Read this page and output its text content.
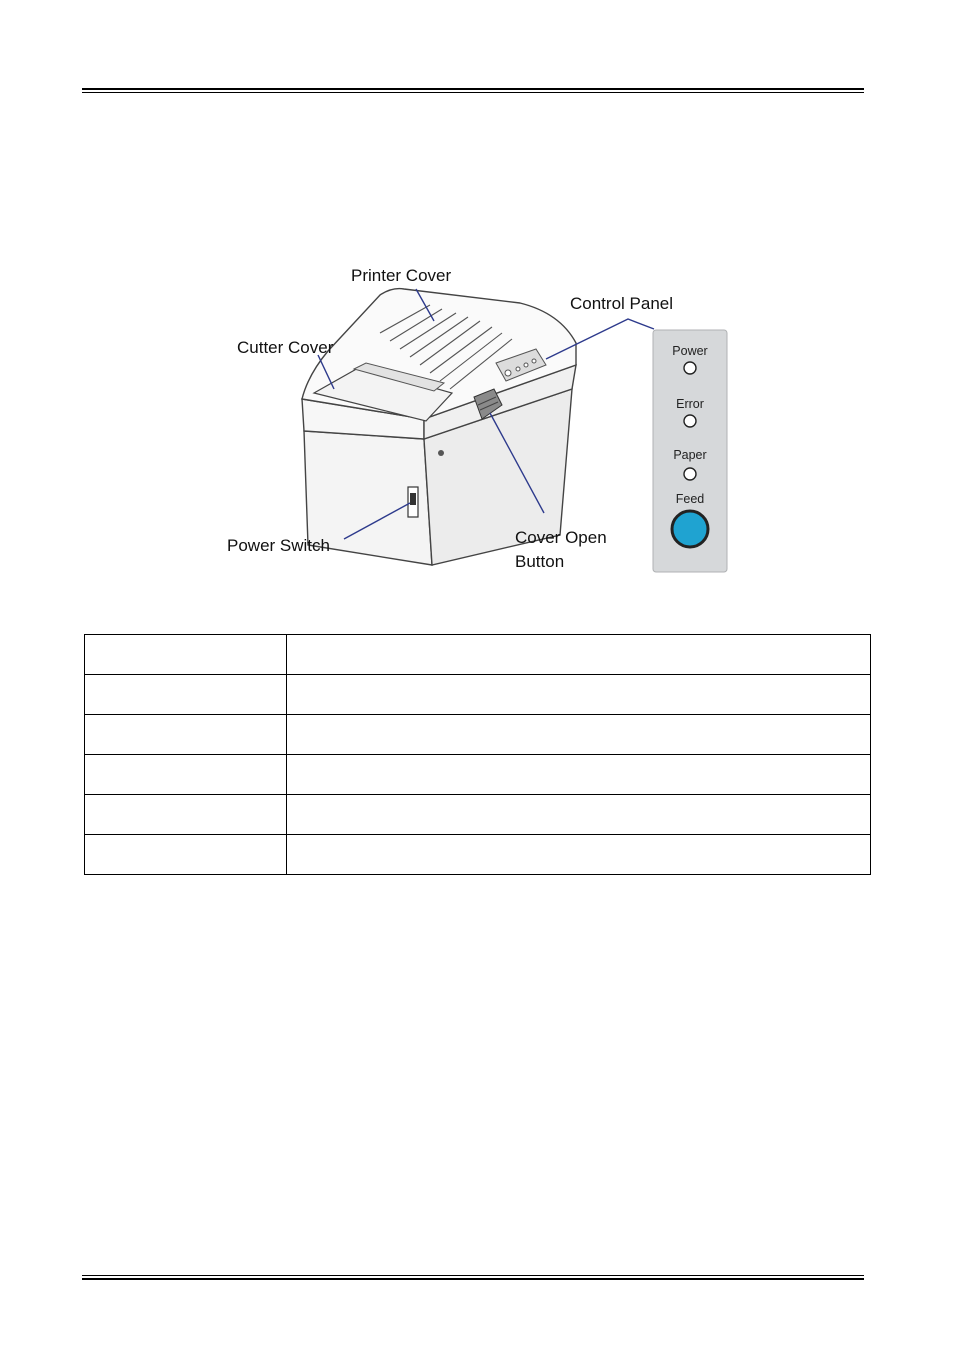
Printer Cover
Control Panel
Cutter Cover
Power Switch	Cover Open
Button
Power
Error
Paper
Feed
